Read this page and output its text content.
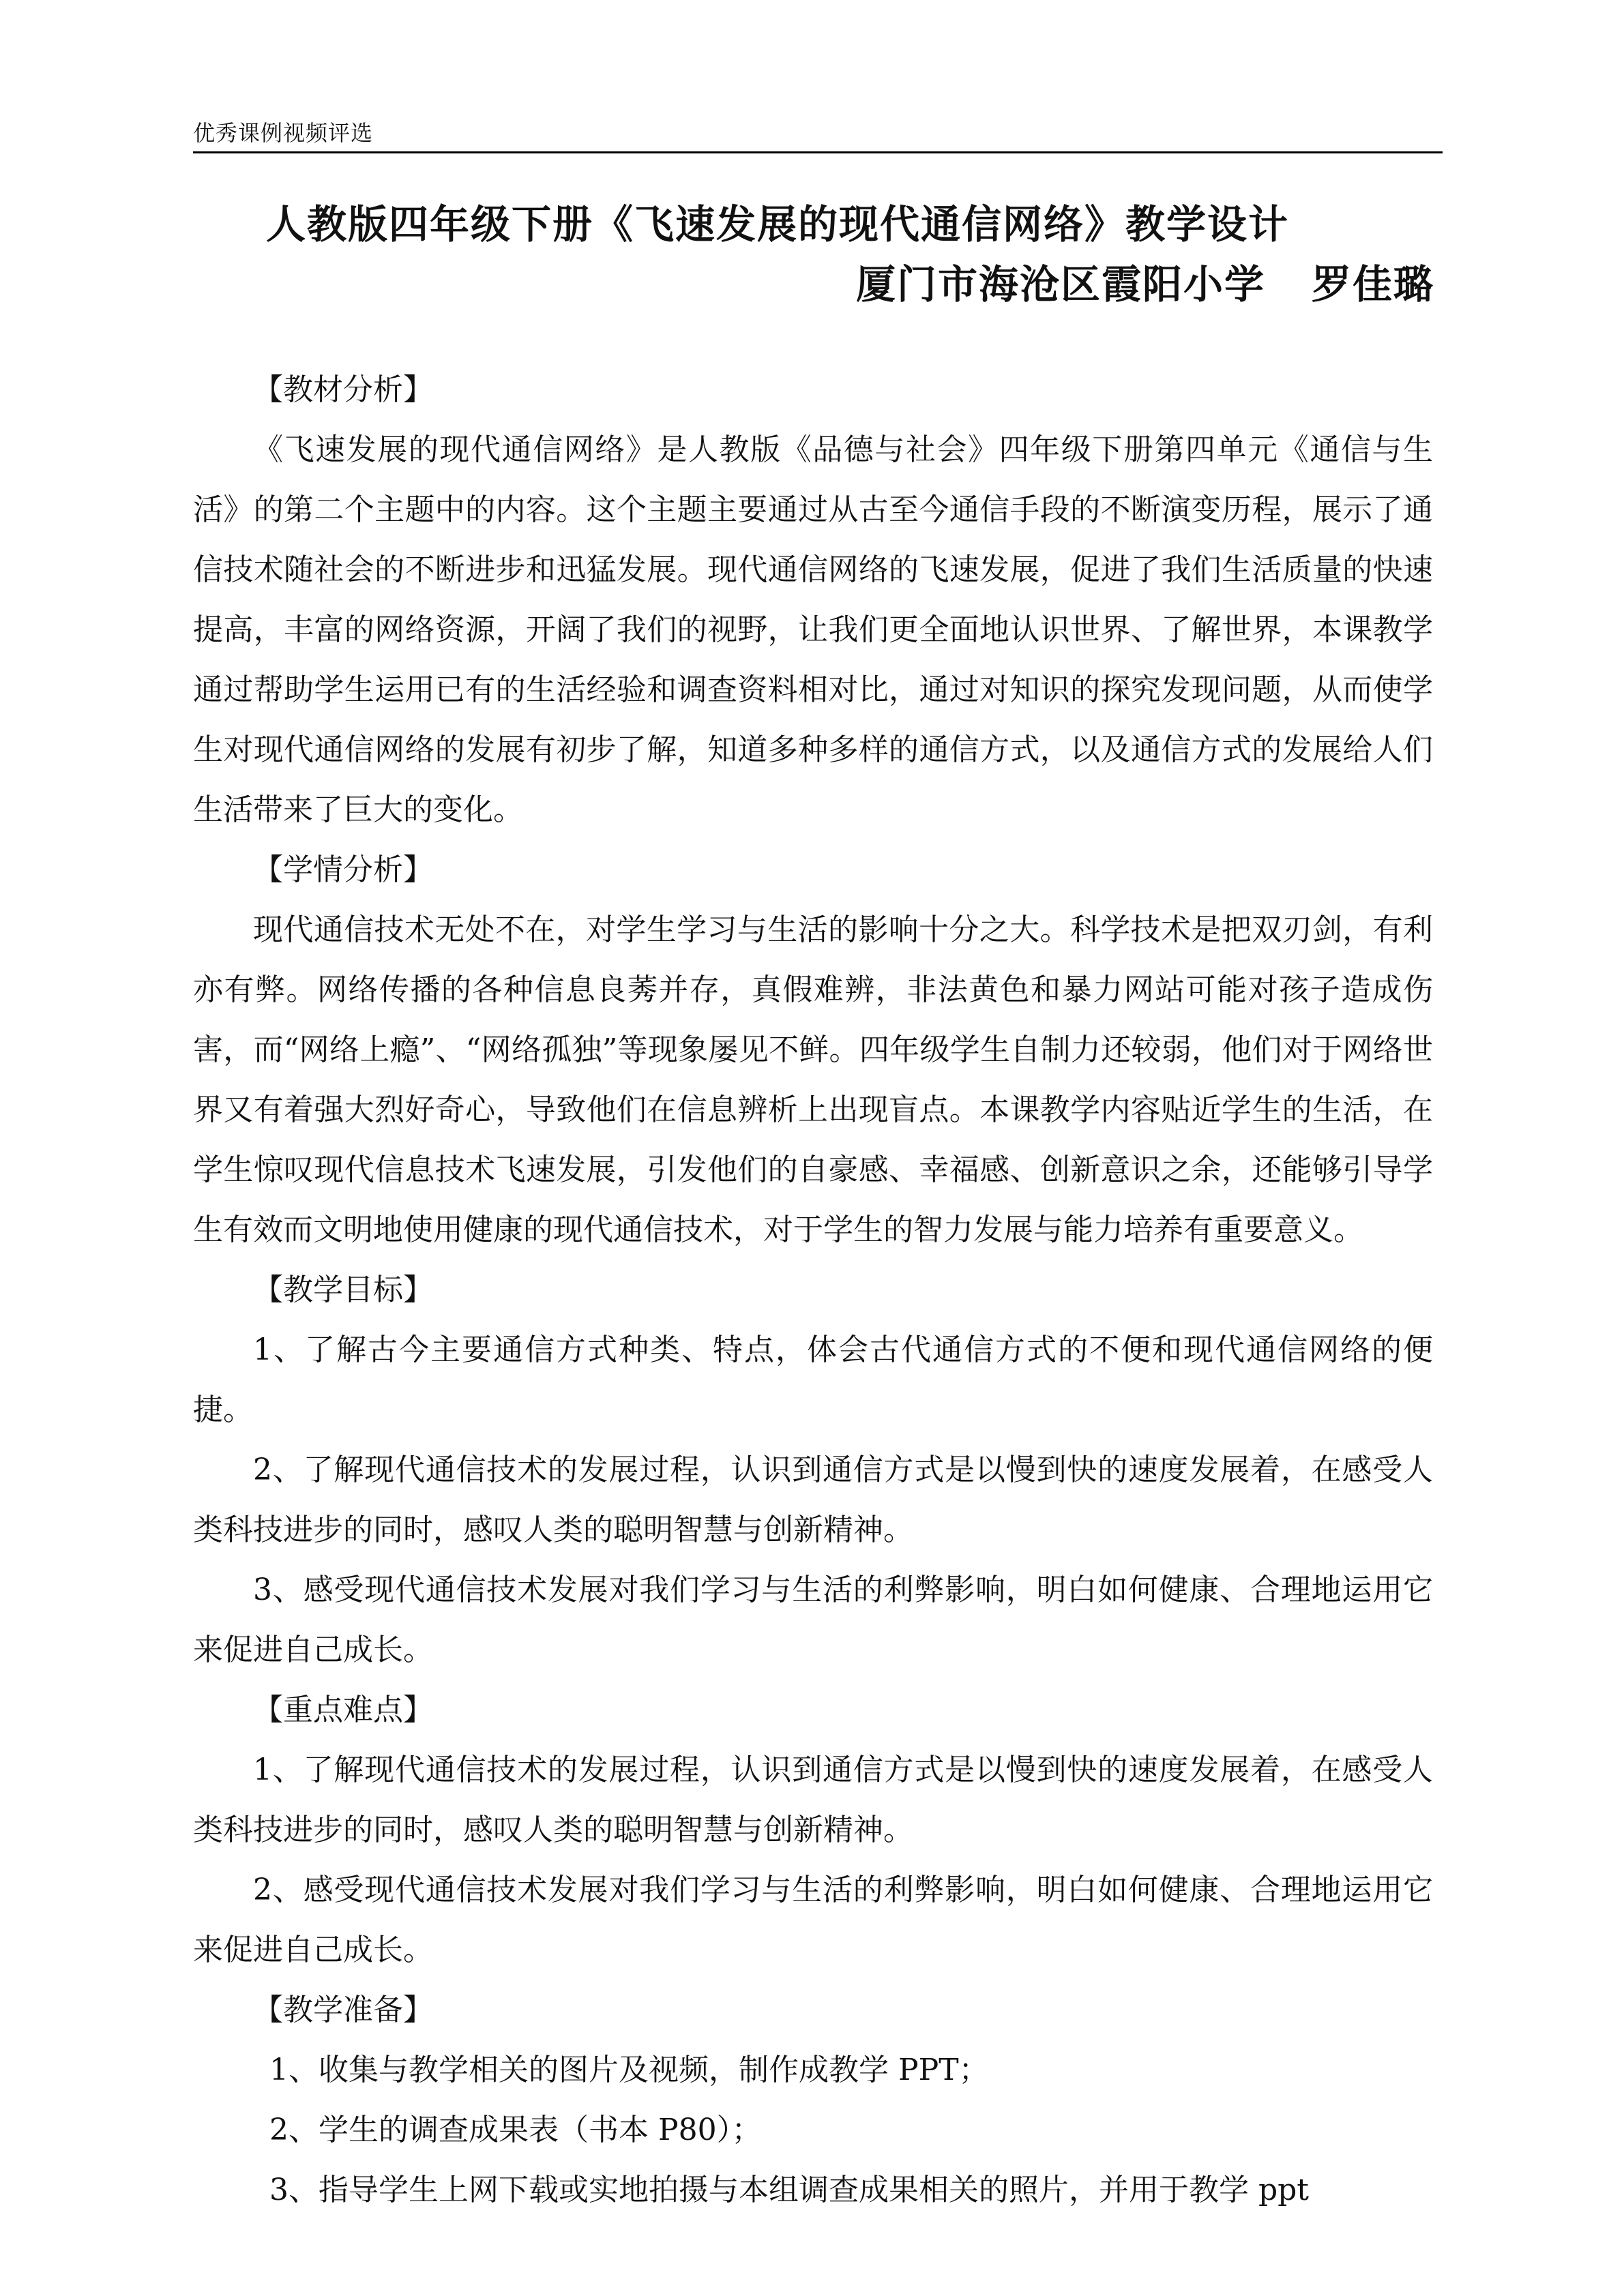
优秀课例视频评选
人教版四年级下册《飞速发展的现代通信网络》教学设计
厦门市海沧区霞阳小学 罗佳璐

【教材分析】

《飞速发展的现代通信网络》是人教版《品德与社会》四年级下册第四单元《通信与生活》的第二个主题中的内容。这个主题主要通过从古至今通信手段的不断演变历程，展示了通信技术随社会的不断进步和迅猛发展。现代通信网络的飞速发展，促进了我们生活质量的快速提高，丰富的网络资源，开阔了我们的视野，让我们更全面地认识世界、了解世界，本课教学通过帮助学生运用已有的生活经验和调查资料相对比，通过对知识的探究发现问题，从而使学生对现代通信网络的发展有初步了解，知道多种多样的通信方式，以及通信方式的发展给人们生活带来了巨大的变化。

【学情分析】

现代通信技术无处不在，对学生学习与生活的影响十分之大。科学技术是把双刃剑，有利亦有弊。网络传播的各种信息良莠并存，真假难辨，非法黄色和暴力网站可能对孩子造成伤害，而“网络上瘾”、“网络孤独”等现象屡见不鲜。四年级学生自制力还较弱，他们对于网络世界又有着强大烈好奇心，导致他们在信息辨析上出现盲点。本课教学内容贴近学生的生活，在学生惊叹现代信息技术飞速发展，引发他们的自豪感、幸福感、创新意识之余，还能够引导学生有效而文明地使用健康的现代通信技术，对于学生的智力发展与能力培养有重要意义。

【教学目标】

1、了解古今主要通信方式种类、特点，体会古代通信方式的不便和现代通信网络的便捷。

2、了解现代通信技术的发展过程，认识到通信方式是以慢到快的速度发展着，在感受人类科技进步的同时，感叹人类的聪明智慧与创新精神。

3、感受现代通信技术发展对我们学习与生活的利弊影响，明白如何健康、合理地运用它来促进自己成长。

【重点难点】

1、了解现代通信技术的发展过程，认识到通信方式是以慢到快的速度发展着，在感受人类科技进步的同时，感叹人类的聪明智慧与创新精神。

2、感受现代通信技术发展对我们学习与生活的利弊影响，明白如何健康、合理地运用它来促进自己成长。

【教学准备】

1、收集与教学相关的图片及视频，制作成教学 PPT；

2、学生的调查成果表（书本 P80）；

3、指导学生上网下载或实地拍摄与本组调查成果相关的照片，并用于教学 ppt
